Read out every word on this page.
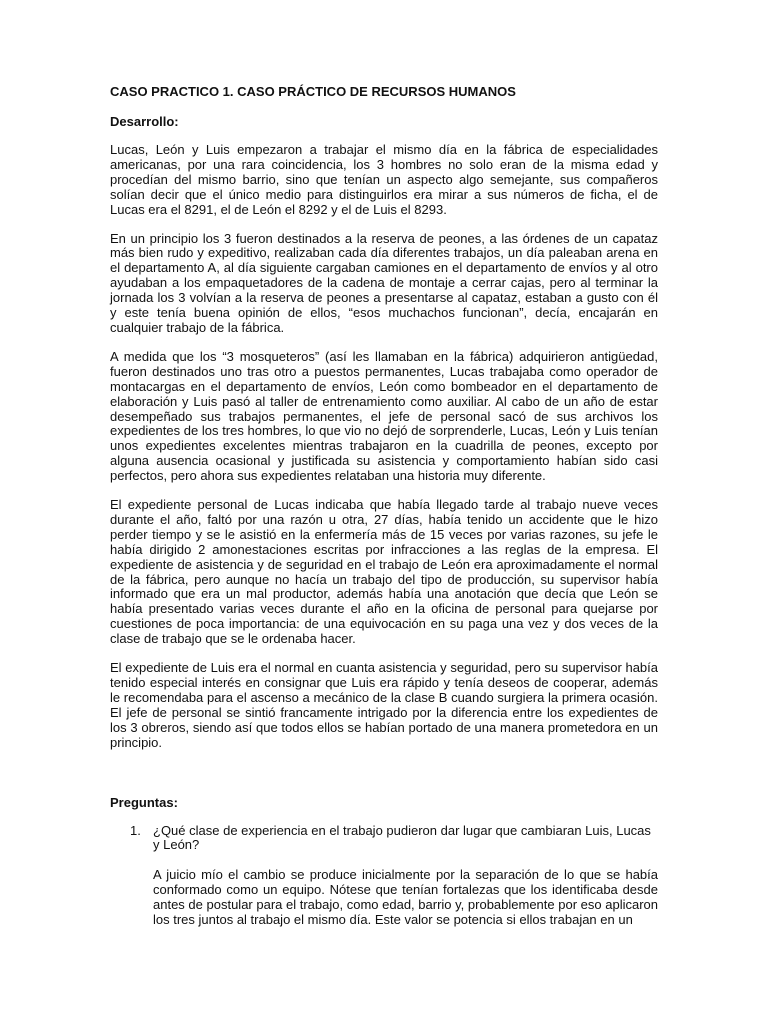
CASO PRACTICO 1. CASO PRÁCTICO DE RECURSOS HUMANOS

Desarrollo:

Lucas, León y Luis empezaron a trabajar el mismo día en la fábrica de especialidades americanas, por una rara coincidencia, los 3 hombres no solo eran de la misma edad y procedían del mismo barrio, sino que tenían un aspecto algo semejante, sus compañeros solían decir que el único medio para distinguirlos era mirar a sus números de ficha, el de Lucas era el 8291, el de León el 8292 y el de Luis el 8293.

En un principio los 3 fueron destinados a la reserva de peones, a las órdenes de un capataz más bien rudo y expeditivo, realizaban cada día diferentes trabajos, un día paleaban arena en el departamento A, al día siguiente cargaban camiones en el departamento de envíos y al otro ayudaban a los empaquetadores de la cadena de montaje a cerrar cajas, pero al terminar la jornada los 3 volvían a la reserva de peones a presentarse al capataz, estaban a gusto con él y este tenía buena opinión de ellos, “esos muchachos funcionan”, decía, encajarán en cualquier trabajo de la fábrica.

A medida que los “3 mosqueteros” (así les llamaban en la fábrica) adquirieron antigüedad, fueron destinados uno tras otro a puestos permanentes, Lucas trabajaba como operador de montacargas en el departamento de envíos, León como bombeador en el departamento de elaboración y Luis pasó al taller de entrenamiento como auxiliar. Al cabo de un año de estar desempeñado sus trabajos permanentes, el jefe de personal sacó de sus archivos los expedientes de los tres hombres, lo que vio no dejó de sorprenderle, Lucas, León y Luis tenían unos expedientes excelentes mientras trabajaron en la cuadrilla de peones, excepto por alguna ausencia ocasional y justificada su asistencia y comportamiento habían sido casi perfectos, pero ahora sus expedientes relataban una historia muy diferente.

El expediente personal de Lucas indicaba que había llegado tarde al trabajo nueve veces durante el año, faltó por una razón u otra, 27 días, había tenido un accidente que le hizo perder tiempo y se le asistió en la enfermería más de 15 veces por varias razones, su jefe le había dirigido 2 amonestaciones escritas por infracciones a las reglas de la empresa. El expediente de asistencia y de seguridad en el trabajo de León era aproximadamente el normal de la fábrica, pero aunque no hacía un trabajo del tipo de producción, su supervisor había informado que era un mal productor, además había una anotación que decía que León se había presentado varias veces durante el año en la oficina de personal para quejarse por cuestiones de poca importancia: de una equivocación en su paga una vez y dos veces de la clase de trabajo que se le ordenaba hacer.

El expediente de Luis era el normal en cuanta asistencia y seguridad, pero su supervisor había tenido especial interés en consignar que Luis era rápido y tenía deseos de cooperar, además le recomendaba para el ascenso a mecánico de la clase B cuando surgiera la primera ocasión. El jefe de personal se sintió francamente intrigado por la diferencia entre los expedientes de los 3 obreros, siendo así que todos ellos se habían portado de una manera prometedora en un principio.

Preguntas:

1. ¿Qué clase de experiencia en el trabajo pudieron dar lugar que cambiaran Luis, Lucas y León?

A juicio mío el cambio se produce inicialmente por la separación de lo que se había conformado como un equipo. Nótese que tenían fortalezas que los identificaba desde antes de postular para el trabajo, como edad, barrio y, probablemente por eso aplicaron los tres juntos al trabajo el mismo día. Este valor se potencia si ellos trabajan en un
